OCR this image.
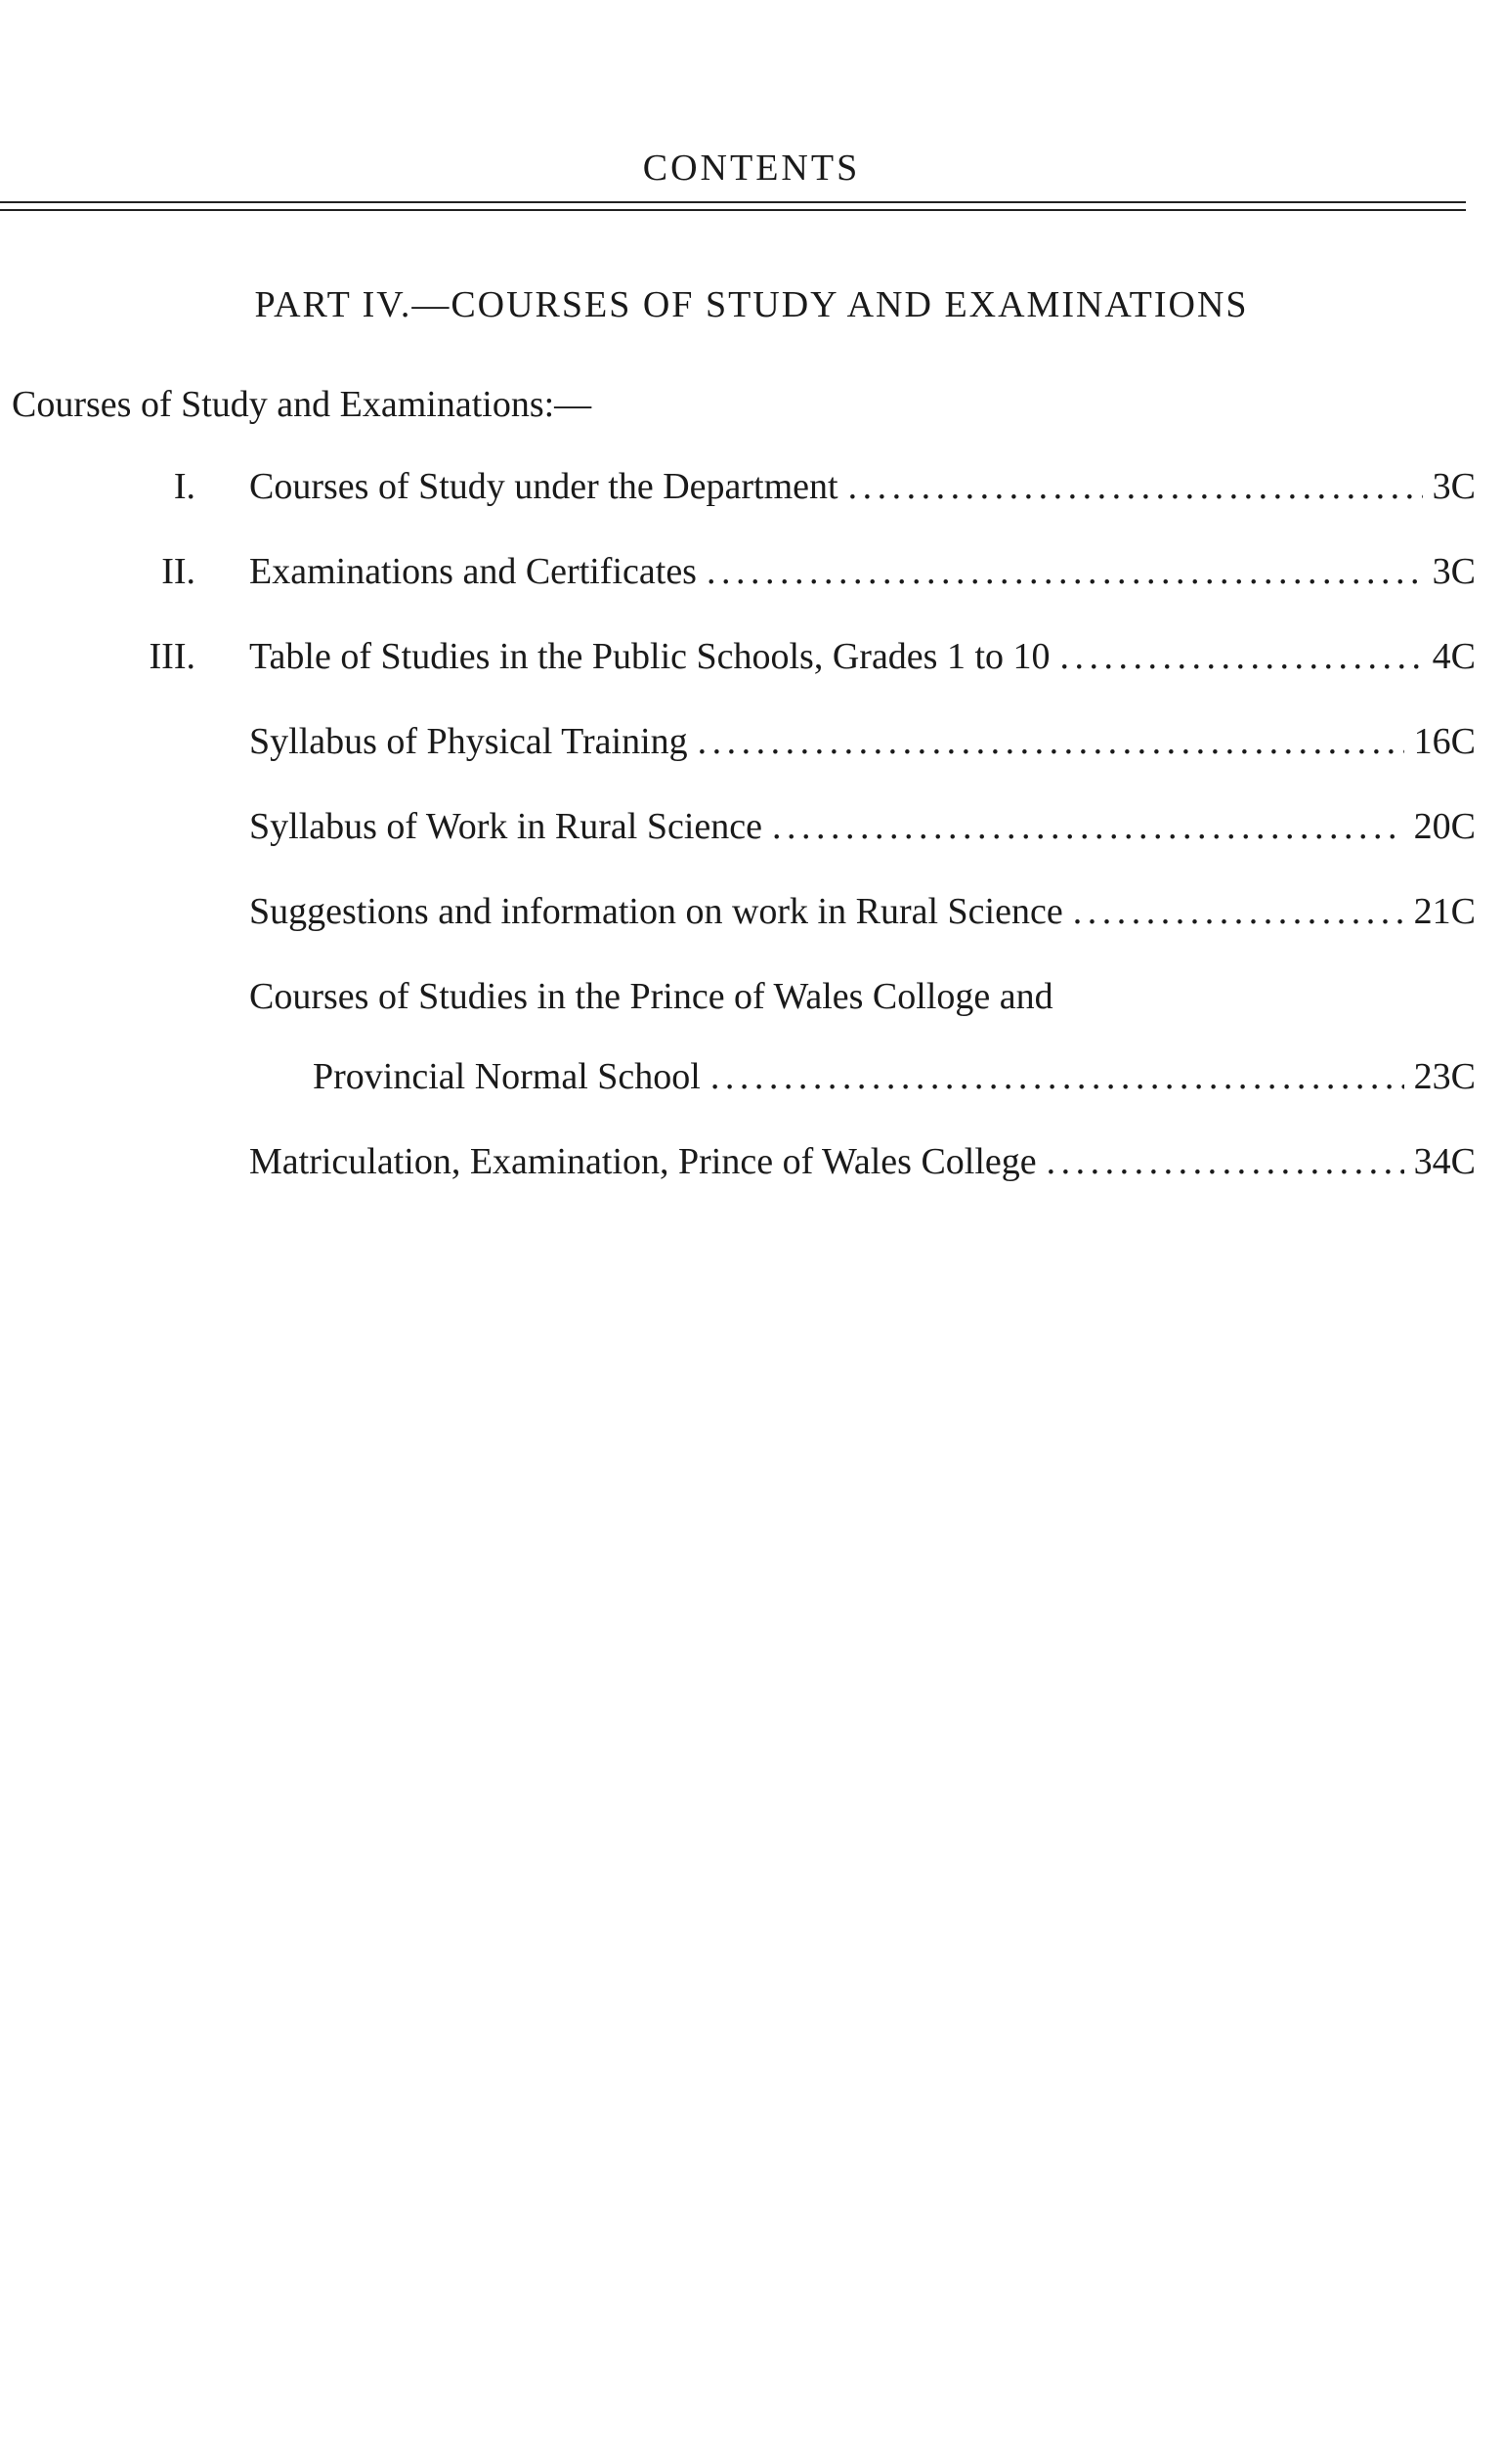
CONTENTS
PART IV.—COURSES OF STUDY AND EXAMINATIONS
Courses of Study and Examinations:—
I. Courses of Study under the Department . . .	3C
II. Examinations and Certificates . . .	3C
III. Table of Studies in the Public Schools, Grades 1 to 10 . . .	4C
Syllabus of Physical Training . . .	16C
Syllabus of Work in Rural Science . . .	20C
Suggestions and information on work in Rural Science . . .	21C
Courses of Studies in the Prince of Wales Colloge and
Provincial Normal School . . .	23C
Matriculation, Examination, Prince of Wales College . . .	34C
